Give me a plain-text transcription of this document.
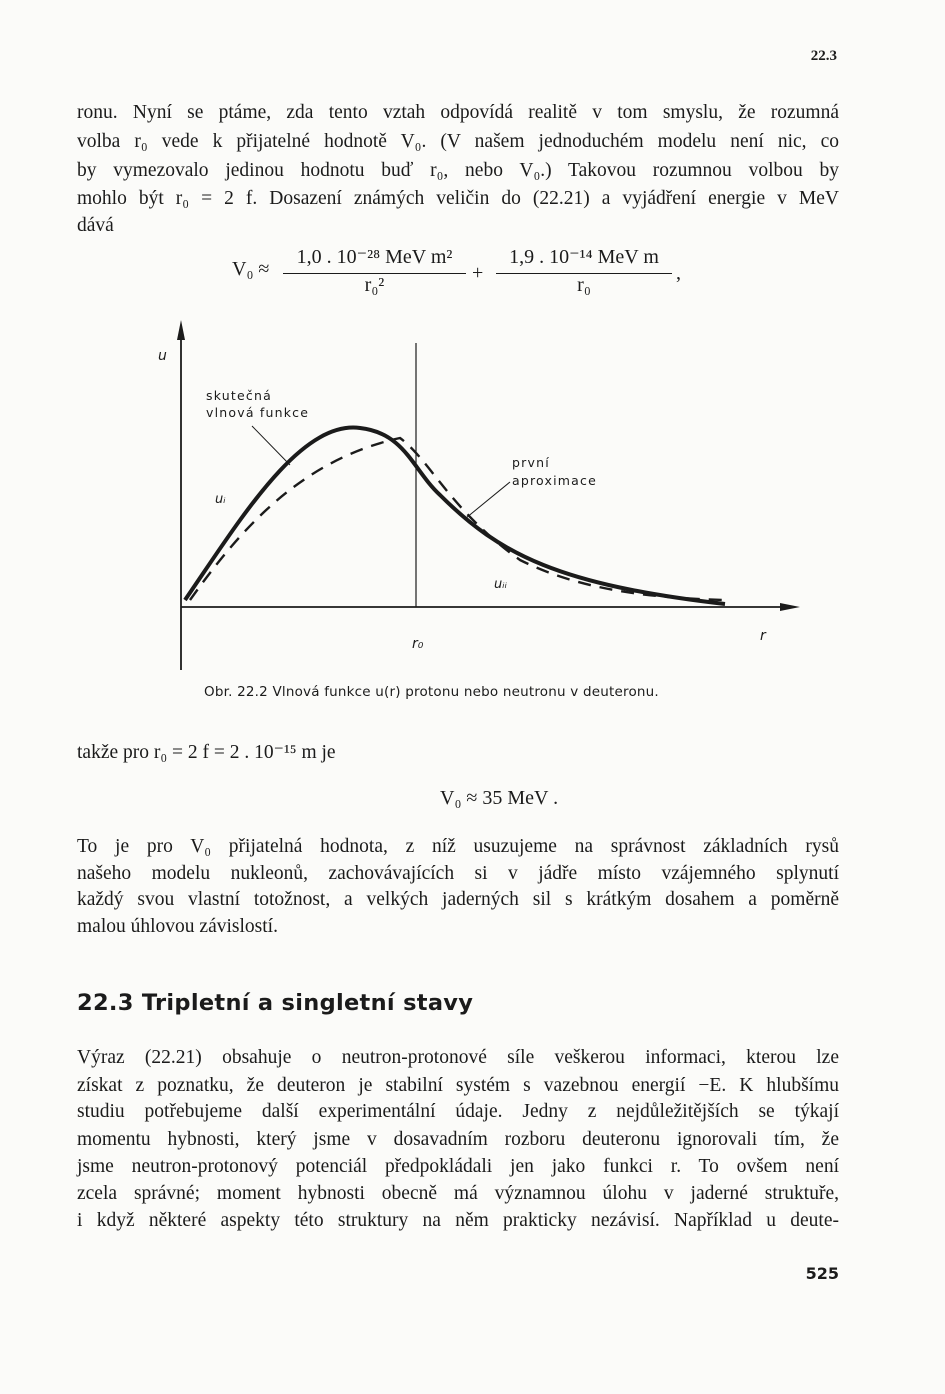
22.3
ronu. Nyní se ptáme, zda tento vztah odpovídá realitě v tom smyslu, že rozumná
volba r₀ vede k přijatelné hodnotě V₀. (V našem jednoduchém modelu není nic, co
by vymezovalo jedinou hodnotu buď r₀, nebo V₀.) Takovou rozumnou volbou by
mohlo být r₀ = 2 f. Dosazení známých veličin do (22.21) a vyjádření energie v MeV
dává
V₀ ≈
1,0 . 10⁻²⁸ MeV m²
r₀²
+
1,9 . 10⁻¹⁴ MeV m
r₀
,
u
r
r₀
skutečná
vlnová funkce
první
aproximace
uᵢ
uᵢᵢ
Obr. 22.2 Vlnová funkce u(r) protonu nebo neutronu v deuteronu.
takže pro r₀ = 2 f = 2 . 10⁻¹⁵ m je
V₀ ≈ 35 MeV .
To je pro V₀ přijatelná hodnota, z níž usuzujeme na správnost základních rysů
našeho modelu nukleonů, zachovávajících si v jádře místo vzájemného splynutí
každý svou vlastní totožnost, a velkých jaderných sil s krátkým dosahem a poměrně
malou úhlovou závislostí.
22.3 Tripletní a singletní stavy
Výraz (22.21) obsahuje o neutron-protonové síle veškerou informaci, kterou lze
získat z poznatku, že deuteron je stabilní systém s vazebnou energií −E. K hlubšímu
studiu potřebujeme další experimentální údaje. Jedny z nejdůležitějších se týkají
momentu hybnosti, který jsme v dosavadním rozboru deuteronu ignorovali tím, že
jsme neutron-protonový potenciál předpokládali jen jako funkci r. To ovšem není
zcela správné; moment hybnosti obecně má významnou úlohu v jaderné struktuře,
i když některé aspekty této struktury na něm prakticky nezávisí. Například u deute-
525
